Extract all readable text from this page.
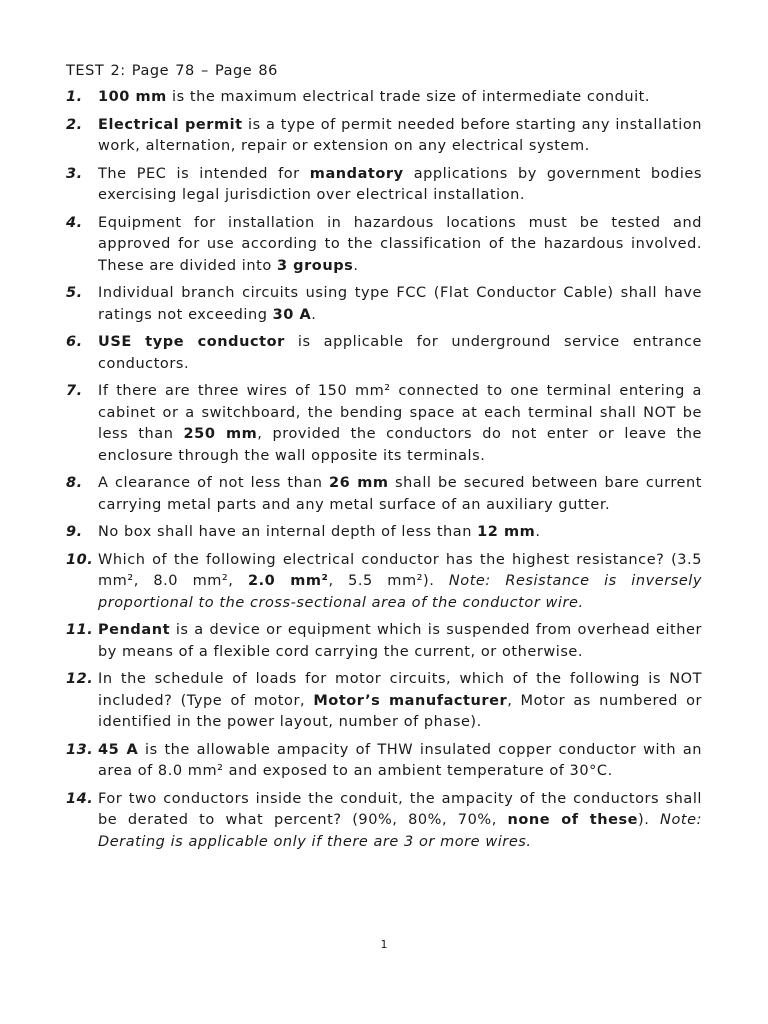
TEST 2: Page 78 – Page 86
1.	100 mm is the maximum electrical trade size of intermediate conduit.
2.	Electrical permit is a type of permit needed before starting any installation work, alternation, repair or extension on any electrical system.
3.	The PEC is intended for mandatory applications by government bodies exercising legal jurisdiction over electrical installation.
4.	Equipment for installation in hazardous locations must be tested and approved for use according to the classification of the hazardous involved. These are divided into 3 groups.
5.	Individual branch circuits using type FCC (Flat Conductor Cable) shall have ratings not exceeding 30 A.
6.	USE type conductor is applicable for underground service entrance conductors.
7.	If there are three wires of 150 mm² connected to one terminal entering a cabinet or a switchboard, the bending space at each terminal shall NOT be less than 250 mm, provided the conductors do not enter or leave the enclosure through the wall opposite its terminals.
8.	A clearance of not less than 26 mm shall be secured between bare current carrying metal parts and any metal surface of an auxiliary gutter.
9.	No box shall have an internal depth of less than 12 mm.
10. Which of the following electrical conductor has the highest resistance? (3.5 mm², 8.0 mm², 2.0 mm², 5.5 mm²). Note: Resistance is inversely proportional to the cross-sectional area of the conductor wire.
11. Pendant is a device or equipment which is suspended from overhead either by means of a flexible cord carrying the current, or otherwise.
12. In the schedule of loads for motor circuits, which of the following is NOT included? (Type of motor, Motor’s manufacturer, Motor as numbered or identified in the power layout, number of phase).
13. 45 A is the allowable ampacity of THW insulated copper conductor with an area of 8.0 mm² and exposed to an ambient temperature of 30°C.
14. For two conductors inside the conduit, the ampacity of the conductors shall be derated to what percent? (90%, 80%, 70%, none of these). Note: Derating is applicable only if there are 3 or more wires.
1
